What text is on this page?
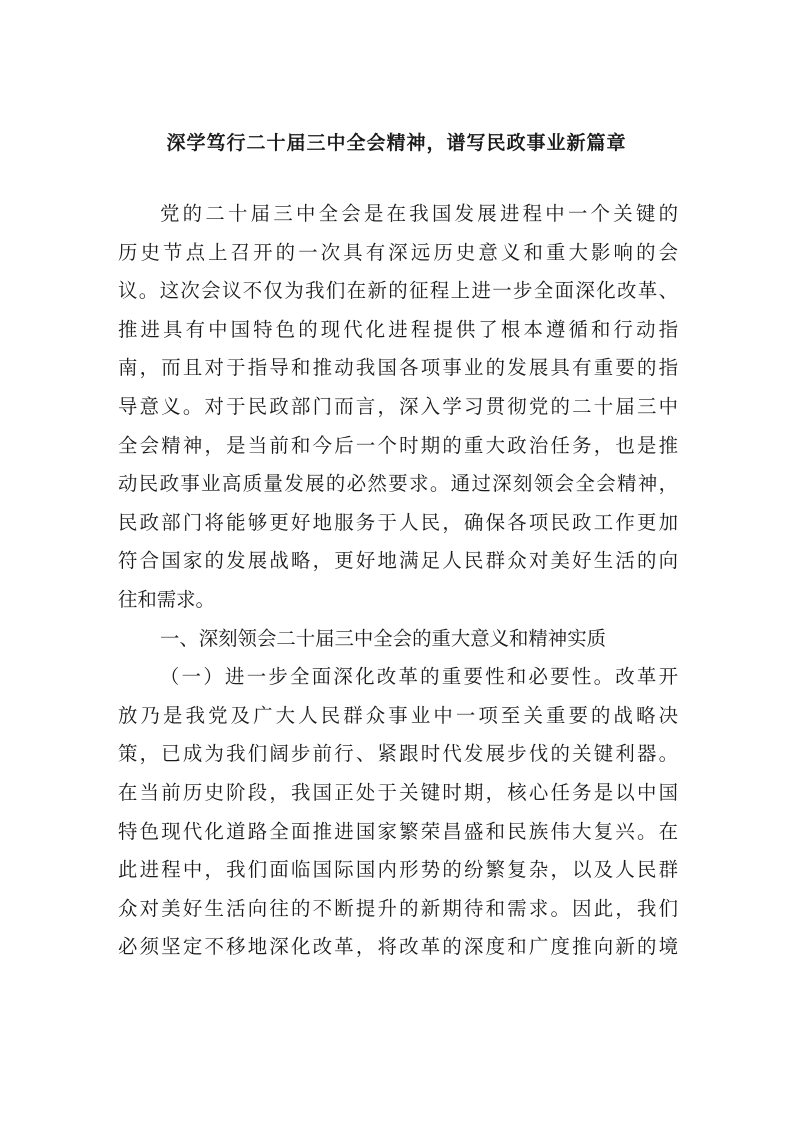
深学笃行二十届三中全会精神，谱写民政事业新篇章
党的二十届三中全会是在我国发展进程中一个关键的
历史节点上召开的一次具有深远历史意义和重大影响的会
议。这次会议不仅为我们在新的征程上进一步全面深化改革、
推进具有中国特色的现代化进程提供了根本遵循和行动指
南，而且对于指导和推动我国各项事业的发展具有重要的指
导意义。对于民政部门而言，深入学习贯彻党的二十届三中
全会精神，是当前和今后一个时期的重大政治任务，也是推
动民政事业高质量发展的必然要求。通过深刻领会全会精神，
民政部门将能够更好地服务于人民，确保各项民政工作更加
符合国家的发展战略，更好地满足人民群众对美好生活的向
往和需求。
一、深刻领会二十届三中全会的重大意义和精神实质
（一）进一步全面深化改革的重要性和必要性。改革开
放乃是我党及广大人民群众事业中一项至关重要的战略决
策，已成为我们阔步前行、紧跟时代发展步伐的关键利器。
在当前历史阶段，我国正处于关键时期，核心任务是以中国
特色现代化道路全面推进国家繁荣昌盛和民族伟大复兴。在
此进程中，我们面临国际国内形势的纷繁复杂，以及人民群
众对美好生活向往的不断提升的新期待和需求。因此，我们
必须坚定不移地深化改革，将改革的深度和广度推向新的境
